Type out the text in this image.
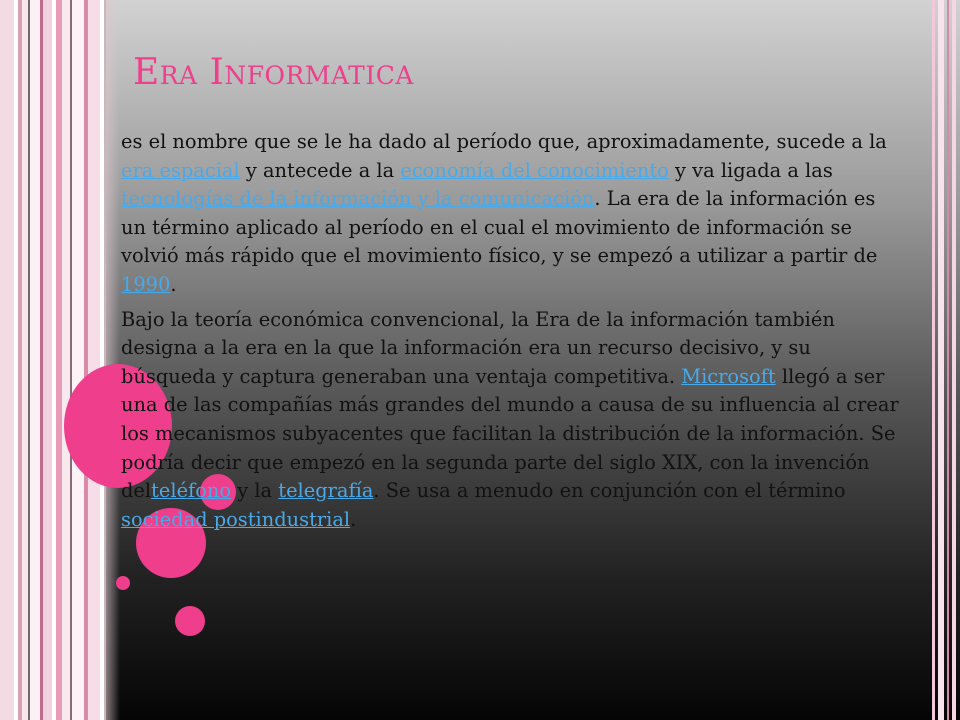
Era Informatica

es el nombre que se le ha dado al período que, aproximadamente, sucede a la era espacial y antecede a la economía del conocimiento y va ligada a las tecnologías de la información y la comunicación. La era de la información es un término aplicado al período en el cual el movimiento de información se volvió más rápido que el movimiento físico, y se empezó a utilizar a partir de 1990.

Bajo la teoría económica convencional, la Era de la información también designa a la era en la que la información era un recurso decisivo, y su búsqueda y captura generaban una ventaja competitiva. Microsoft llegó a ser una de las compañías más grandes del mundo a causa de su influencia al crear los mecanismos subyacentes que facilitan la distribución de la información. Se podría decir que empezó en la segunda parte del siglo XIX, con la invención delteléfono y la telegrafía. Se usa a menudo en conjunción con el término sociedad postindustrial.
